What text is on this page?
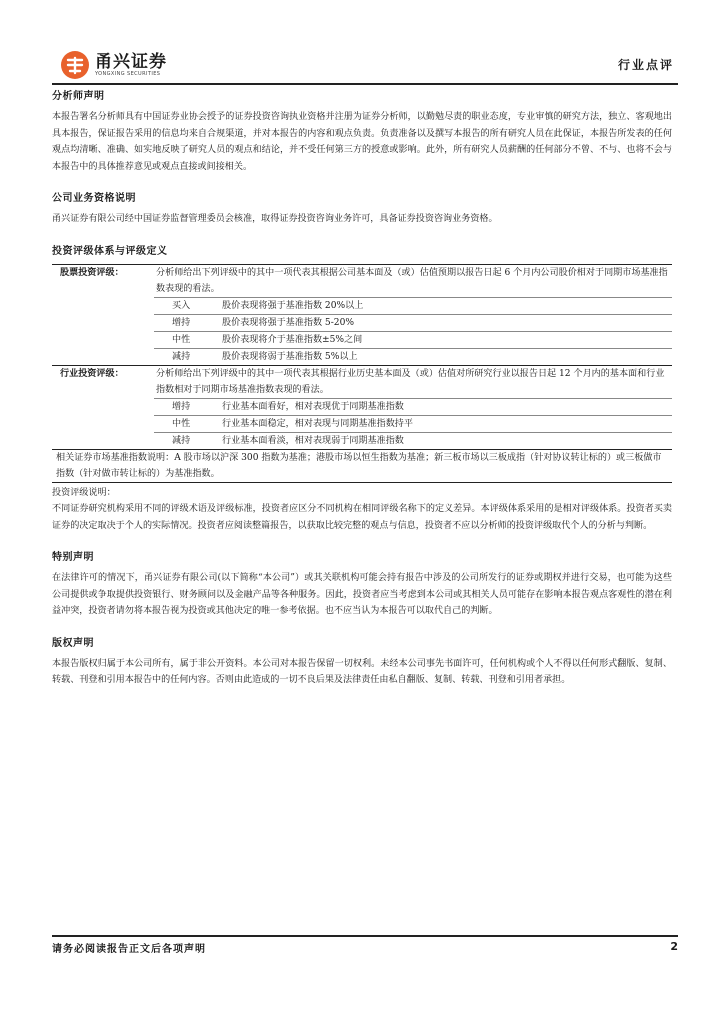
甬兴证券
YONGXING SECURITIES
行业点评
分析师声明

本报告署名分析师具有中国证券业协会授予的证券投资咨询执业资格并注册为证券分析师，以勤勉尽责的职业态度，专业审慎的研究方法，独立、客观地出具本报告，保证报告采用的信息均来自合规渠道，并对本报告的内容和观点负责。负责准备以及撰写本报告的所有研究人员在此保证，本报告所发表的任何观点均清晰、准确、如实地反映了研究人员的观点和结论，并不受任何第三方的授意或影响。此外，所有研究人员薪酬的任何部分不曾、不与、也将不会与本报告中的具体推荐意见或观点直接或间接相关。

公司业务资格说明

甬兴证券有限公司经中国证券监督管理委员会核准，取得证券投资咨询业务许可，具备证券投资咨询业务资格。

投资评级体系与评级定义
股票投资评级：	分析师给出下列评级中的其中一项代表其根据公司基本面及（或）估值预期以报告日起 6 个月内公司股价相对于同期市场基准指数表现的看法。
	买入 股价表现将强于基准指数 20%以上
	增持 股价表现将强于基准指数 5-20%
	中性 股价表现将介于基准指数±5%之间
	减持 股价表现将弱于基准指数 5%以上
行业投资评级：	分析师给出下列评级中的其中一项代表其根据行业历史基本面及（或）估值对所研究行业以报告日起 12 个月内的基本面和行业指数相对于同期市场基准指数表现的看法。
	增持 行业基本面看好，相对表现优于同期基准指数
	中性 行业基本面稳定，相对表现与同期基准指数持平
	减持 行业基本面看淡，相对表现弱于同期基准指数
相关证券市场基准指数说明：A 股市场以沪深 300 指数为基准；港股市场以恒生指数为基准；新三板市场以三板成指（针对协议转让标的）或三板做市指数（针对做市转让标的）为基准指数。	

投资评级说明：

不同证券研究机构采用不同的评级术语及评级标准，投资者应区分不同机构在相同评级名称下的定义差异。本评级体系采用的是相对评级体系。投资者买卖证券的决定取决于个人的实际情况。投资者应阅读整篇报告，以获取比较完整的观点与信息，投资者不应以分析师的投资评级取代个人的分析与判断。

特别声明

在法律许可的情况下，甬兴证券有限公司(以下简称“本公司”）或其关联机构可能会持有报告中涉及的公司所发行的证券或期权并进行交易，也可能为这些公司提供或争取提供投资银行、财务顾问以及金融产品等各种服务。因此，投资者应当考虑到本公司或其相关人员可能存在影响本报告观点客观性的潜在利益冲突，投资者请勿将本报告视为投资或其他决定的唯一参考依据。也不应当认为本报告可以取代自己的判断。

版权声明

本报告版权归属于本公司所有，属于非公开资料。本公司对本报告保留一切权利。未经本公司事先书面许可，任何机构或个人不得以任何形式翻版、复制、转载、刊登和引用本报告中的任何内容。否则由此造成的一切不良后果及法律责任由私自翻版、复制、转载、刊登和引用者承担。

请务必阅读报告正文后各项声明	2
